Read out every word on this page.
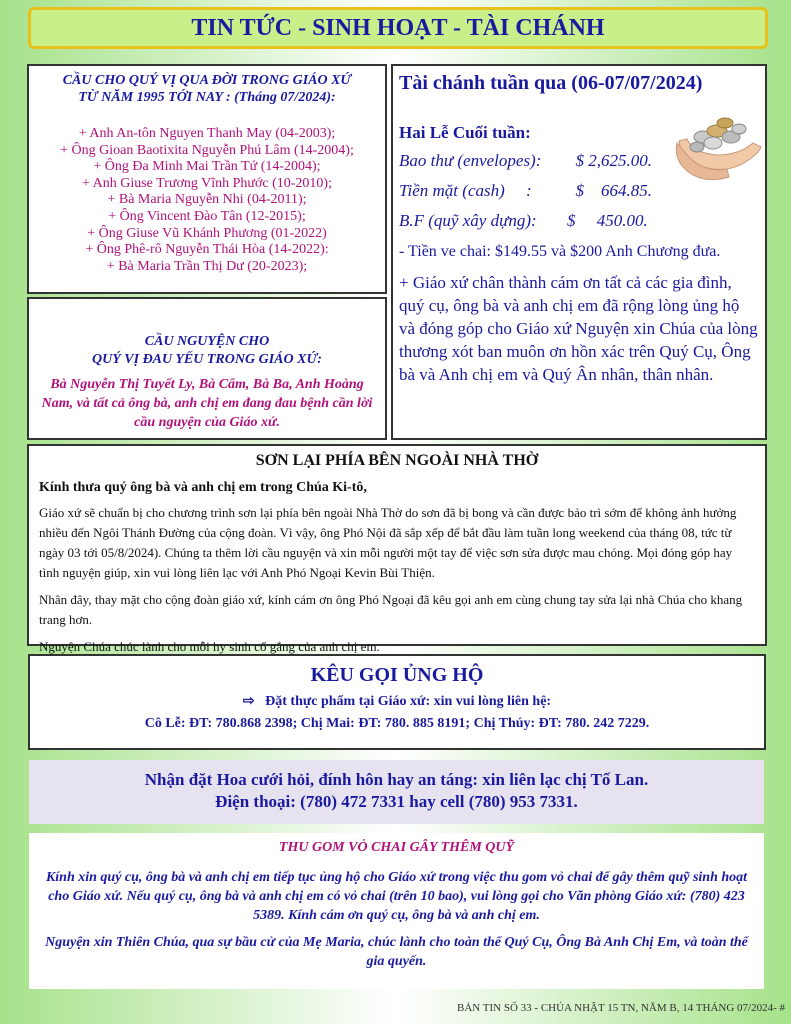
TIN TỨC - SINH HOẠT - TÀI CHÁNH
CẦU CHO QUÝ VỊ QUA ĐỜI TRONG GIÁO XỨ
TỪ NĂM 1995 TỚI NAY : (Tháng 07/2024):
+ Anh An-tôn Nguyen Thanh May (04-2003);
+ Ông Gioan Baotixita Nguyễn Phú Lâm (14-2004);
+ Ông Đa Minh Mai Trần Tứ (14-2004);
+ Anh Giuse Trương Vĩnh Phước (10-2010);
+ Bà Maria Nguyễn Nhi (04-2011);
+ Ông Vincent Đào Tân (12-2015);
+ Ông Giuse Vũ Khánh Phương (01-2022)
+ Ông Phê-rô Nguyễn Thái Hòa (14-2022):
+ Bà Maria Trần Thị Dư (20-2023);
CẦU NGUYỆN CHO
QUÝ VỊ ĐAU YẾU TRONG GIÁO XỨ:
Bà Nguyễn Thị Tuyết Ly, Bà Cẩm, Bà Ba, Anh Hoàng Nam, và tất cả ông bà, anh chị em đang đau bệnh cần lời cầu nguyện của Giáo xứ.
Tài chánh tuần qua (06-07/07/2024)
Hai Lễ Cuối tuần:
Bao thư (envelopes): $ 2,625.00.
Tiền mặt (cash)     : $    664.85.
B.F (quỹ xây dựng): $     450.00.
- Tiền ve chai: $149.55 và $200 Anh Chương đưa.
+ Giáo xứ chân thành cám ơn tất cả các gia đình, quý cụ, ông bà và anh chị em đã rộng lòng ủng hộ và đóng góp cho Giáo xứ Nguyện xin Chúa của lòng thương xót ban muôn ơn hồn xác trên Quý Cụ, Ông bà và Anh chị em và Quý Ân nhân, thân nhân.
SƠN LẠI PHÍA BÊN NGOÀI NHÀ THỜ
Kính thưa quý ông bà và anh chị em trong Chúa Ki-tô,

Giáo xứ sẽ chuẩn bị cho chương trình sơn lại phía bên ngoài Nhà Thờ do sơn đã bị bong và cần được bảo trì sớm để không ảnh hưởng nhiều đến Ngôi Thánh Đường của cộng đoàn. Vì vậy, ông Phó Nội đã sắp xếp để bắt đầu làm tuần long weekend của tháng 08, tức từ ngày 03 tới 05/8/2024). Chúng ta thêm lời cầu nguyện và xin mỗi người một tay để việc sơn sửa được mau chóng. Mọi đóng góp hay tình nguyện giúp, xin vui lòng liên lạc với Anh Phó Ngoại Kevin Bùi Thiện.

Nhân đây, thay mặt cho cộng đoàn giáo xứ, kính cám ơn ông Phó Ngoại đã kêu gọi anh em cùng chung tay sửa lại nhà Chúa cho khang trang hơn.

Nguyện Chúa chúc lành cho mỗi hy sinh cố gắng của anh chị em.

KÊU GỌI ỦNG HỘ
⇨ Đặt thực phẩm tại Giáo xứ: xin vui lòng liên hệ:
Cô Lễ: ĐT: 780.868 2398; Chị Mai: ĐT: 780. 885 8191; Chị Thúy: ĐT: 780. 242 7229.
Nhận đặt Hoa cưới hỏi, đính hôn hay an táng: xin liên lạc chị Tố Lan.
Điện thoại: (780) 472 7331 hay cell (780) 953 7331.
THU GOM VỎ CHAI GÂY THÊM QUỸ
Kính xin quý cụ, ông bà và anh chị em tiếp tục ủng hộ cho Giáo xứ trong việc thu gom vỏ chai để gây thêm quỹ sinh hoạt cho Giáo xứ. Nếu quý cụ, ông bà và anh chị em có vỏ chai (trên 10 bao), vui lòng gọi cho Văn phòng Giáo xứ: (780) 423 5389. Kính cám ơn quý cụ, ông bà và anh chị em.
Nguyện xin Thiên Chúa, qua sự bầu cử của Mẹ Maria, chúc lành cho toàn thể Quý Cụ, Ông Bà Anh Chị Em, và toàn thể gia quyến.
BẢN TIN SỐ 33 - CHÚA NHẬT 15 TN, NĂM B, 14 THÁNG 07/2024- #
